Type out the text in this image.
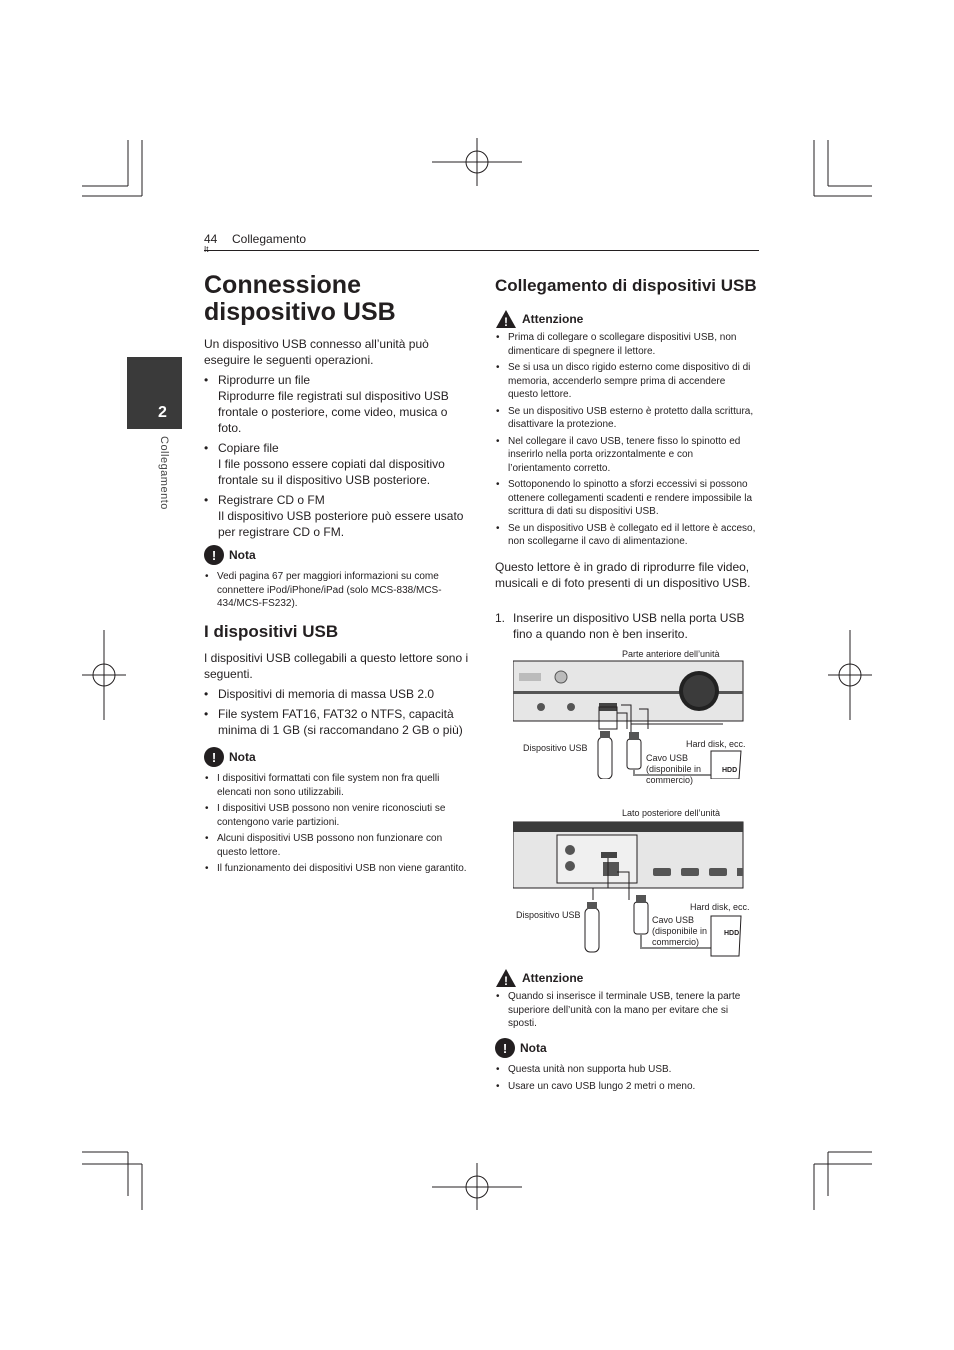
44 Collegamento
2
Collegamento
Connessione dispositivo USB
Un dispositivo USB connesso all’unità può eseguire le seguenti operazioni.
• Riprodurre un file
Riprodurre file registrati sul dispositivo USB frontale o posteriore, come video, musica o foto.
• Copiare file
I file possono essere copiati dal dispositivo frontale su il dispositivo USB posteriore.
• Registrare CD o FM
Il dispositivo USB posteriore può essere usato per registrare CD o FM.
!	Nota
• Vedi pagina 67 per maggiori informazioni su come connettere iPod/iPhone/iPad (solo MCS-838/MCS-434/MCS-FS232).
I dispositivi USB
I dispositivi USB collegabili a questo lettore sono i seguenti.
• Dispositivi di memoria di massa USB 2.0
• File system FAT16, FAT32 o NTFS, capacità minima di 1 GB (si raccomandano 2 GB o più)
!	Nota
• I dispositivi formattati con file system non fra quelli elencati non sono utilizzabili.
• I dispositivi USB possono non venire riconosciuti se contengono varie partizioni.
• Alcuni dispositivi USB possono non funzionare con questo lettore.
• Il funzionamento dei dispositivi USB non viene garantito.
Collegamento di dispositivi USB
! Attenzione
• Prima di collegare o scollegare dispositivi USB, non dimenticare di spegnere il lettore.
• Se si usa un disco rigido esterno come dispositivo di di memoria, accenderlo sempre prima di accendere questo lettore.
• Se un dispositivo USB esterno è protetto dalla scrittura, disattivare la protezione.
• Nel collegare il cavo USB, tenere fisso lo spinotto ed inserirlo nella porta orizzontalmente e con l’orientamento corretto.
• Sottoponendo lo spinotto a sforzi eccessivi si possono ottenere collegamenti scadenti e rendere impossibile la scrittura di dati su dispositivi USB.
• Se un dispositivo USB è collegato ed il lettore è acceso, non scollegarne il cavo di alimentazione.
Questo lettore è in grado di riprodurre file video, musicali e di foto presenti di un dispositivo USB.
1. Inserire un dispositivo USB nella porta USB fino a quando non è ben inserito.
Parte anteriore dell’unità
Dispositivo USB	Hard disk, ecc.
Cavo USB (disponibile in commercio)
HDD
Lato posteriore dell’unità
Dispositivo USB
Hard disk, ecc.
Cavo USB (disponibile in commercio)
HDD
! Attenzione
• Quando si inserisce il terminale USB, tenere la parte superiore dell’unità con la mano per evitare che si sposti.
!	Nota
• Questa unità non supporta hub USB.
• Usare un cavo USB lungo 2 metri o meno.
